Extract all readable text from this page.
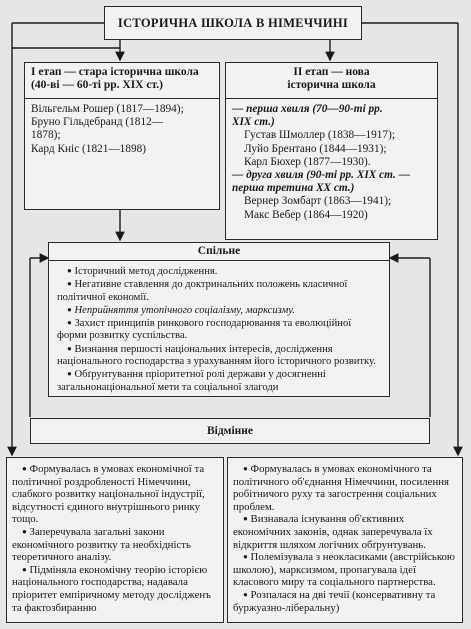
ІСТОРИЧНА ШКОЛА В НІМЕЧЧИНІ
I етап — стара історична школа
(40-ві — 60-ті рр. XIX ст.)
Вільгельм Рошер (1817—1894);
Бруно Гільдебранд (1812—
1878);
Кард Кніс (1821—1898)
II етап — нова
історична школа
— перша хвиля (70—90-ті рр.
XIX ст.)
Густав Шмоллер (1838—1917);
Луйо Брентано (1844—1931);
Карл Бюхер (1877—1930).
— друга хвиля (90-ті рр. XIX ст. —
перша третина XX ст.)
Вернер Зомбарт (1863—1941);
Макс Вебер (1864—1920)
Спільне
● Історичний метод дослідження.
● Негативне ставлення до доктринальних положень класичної політичної економії.
● Неприйняття утопічного соціалізму, марксизму.
● Захист принципів ринкового господарювання та еволюційної форми розвитку суспільства.
● Визнання першості національних інтересів, дослідження національного господарства з урахуванням його історичного розвитку.
● Обґрунтування пріоритетної ролі держави у досягненні загальнонаціональної мети та соціальної злагоди
Відмінне
● Формувалась в умовах економічної та політичної роздробленості Німеччини, слабкого розвитку національної індустрії, відсутності єдиного внутрішнього ринку тощо.
● Заперечувала загальні закони економічного розвитку та необхідність теоретичного аналізу.
● Підміняла економічну теорію історією національного господарства, надавала пріоритет емпіричному методу дослідженъ та фактозбиранню
● Формувалась в умовах економічного та політичного об'єднання Німеччини, посилення робітничого руху та загострення соціальних проблем.
● Визнавала існування об'єктивних економічних законів, однак заперечувала їх відкриття шляхом логічних обґрунтувань.
● Полемізувала з неокласиками (австрійською школою), марксизмом, пропагувала ідеї класового миру та соціального партнерства.
● Розпалася на дві течії (консервативну та буржуазно-ліберальну)
